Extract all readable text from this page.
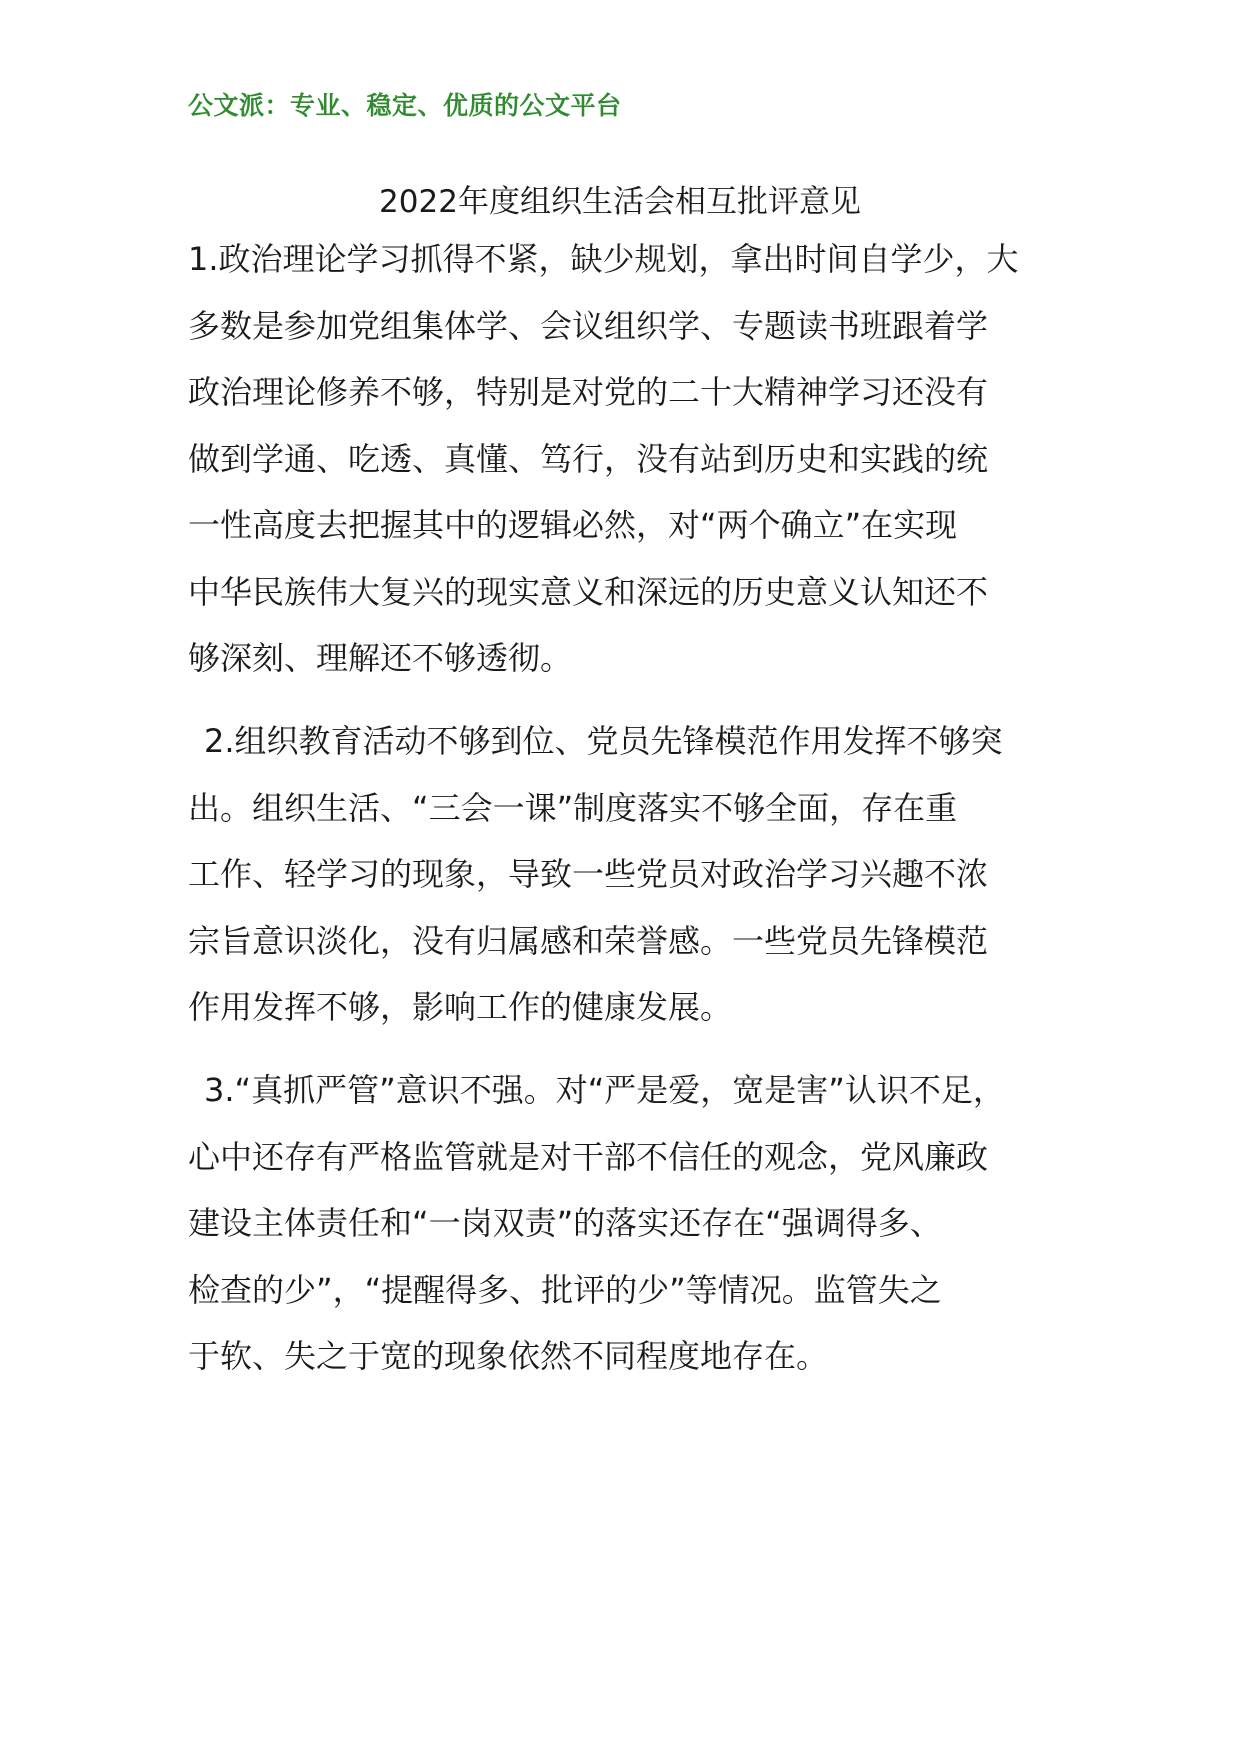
公文派：专业、稳定、优质的公文平台
2022年度组织生活会相互批评意见
1.政治理论学习抓得不紧，缺少规划，拿出时间自学少，大
多数是参加党组集体学、会议组织学、专题读书班跟着学
政治理论修养不够，特别是对党的二十大精神学习还没有
做到学通、吃透、真懂、笃行，没有站到历史和实践的统
一性高度去把握其中的逻辑必然，对“两个确立”在实现
中华民族伟大复兴的现实意义和深远的历史意义认知还不
够深刻、理解还不够透彻。
2.组织教育活动不够到位、党员先锋模范作用发挥不够突
出。组织生活、“三会一课”制度落实不够全面，存在重
工作、轻学习的现象，导致一些党员对政治学习兴趣不浓
宗旨意识淡化，没有归属感和荣誉感。一些党员先锋模范
作用发挥不够，影响工作的健康发展。
3.“真抓严管”意识不强。对“严是爱，宽是害”认识不足，
心中还存有严格监管就是对干部不信任的观念，党风廉政
建设主体责任和“一岗双责”的落实还存在“强调得多、
检查的少”，“提醒得多、批评的少”等情况。监管失之
于软、失之于宽的现象依然不同程度地存在。
